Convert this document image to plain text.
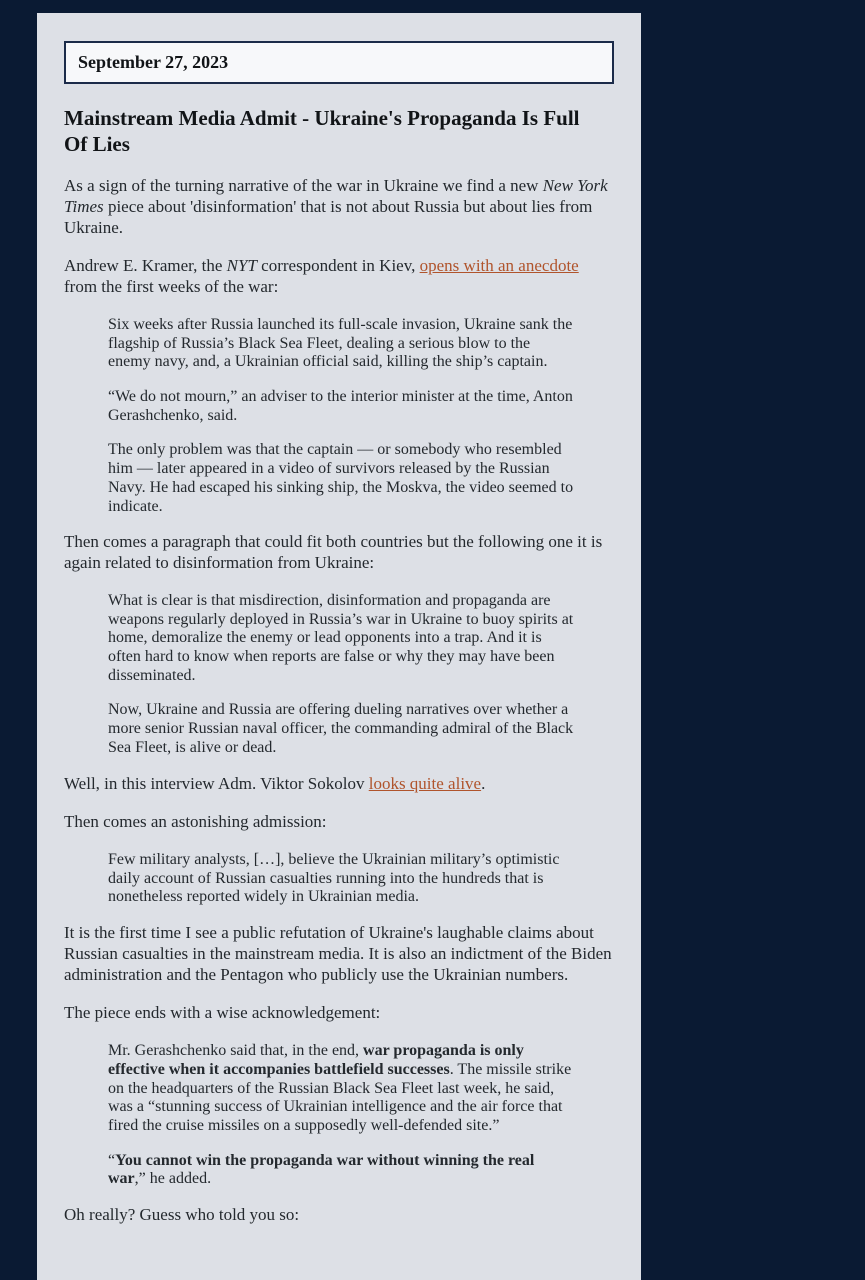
September 27, 2023
Mainstream Media Admit - Ukraine's Propaganda Is Full Of Lies

As a sign of the turning narrative of the war in Ukraine we find a new New York Times piece about 'disinformation' that is not about Russia but about lies from Ukraine.

Andrew E. Kramer, the NYT correspondent in Kiev, opens with an anecdote from the first weeks of the war:

Six weeks after Russia launched its full-scale invasion, Ukraine sank the flagship of Russia’s Black Sea Fleet, dealing a serious blow to the enemy navy, and, a Ukrainian official said, killing the ship’s captain.

“We do not mourn,” an adviser to the interior minister at the time, Anton Gerashchenko, said.

The only problem was that the captain — or somebody who resembled him — later appeared in a video of survivors released by the Russian Navy. He had escaped his sinking ship, the Moskva, the video seemed to indicate.

Then comes a paragraph that could fit both countries but the following one it is again related to disinformation from Ukraine:

What is clear is that misdirection, disinformation and propaganda are weapons regularly deployed in Russia’s war in Ukraine to buoy spirits at home, demoralize the enemy or lead opponents into a trap. And it is often hard to know when reports are false or why they may have been disseminated.

Now, Ukraine and Russia are offering dueling narratives over whether a more senior Russian naval officer, the commanding admiral of the Black Sea Fleet, is alive or dead.

Well, in this interview Adm. Viktor Sokolov looks quite alive.

Then comes an astonishing admission:

Few military analysts, […], believe the Ukrainian military’s optimistic daily account of Russian casualties running into the hundreds that is nonetheless reported widely in Ukrainian media.

It is the first time I see a public refutation of Ukraine's laughable claims about Russian casualties in the mainstream media. It is also an indictment of the Biden administration and the Pentagon who publicly use the Ukrainian numbers.

The piece ends with a wise acknowledgement:

Mr. Gerashchenko said that, in the end, war propaganda is only effective when it accompanies battlefield successes. The missile strike on the headquarters of the Russian Black Sea Fleet last week, he said, was a “stunning success of Ukrainian intelligence and the air force that fired the cruise missiles on a supposedly well-defended site.”

“You cannot win the propaganda war without winning the real war,” he added.

Oh really? Guess who told you so:
